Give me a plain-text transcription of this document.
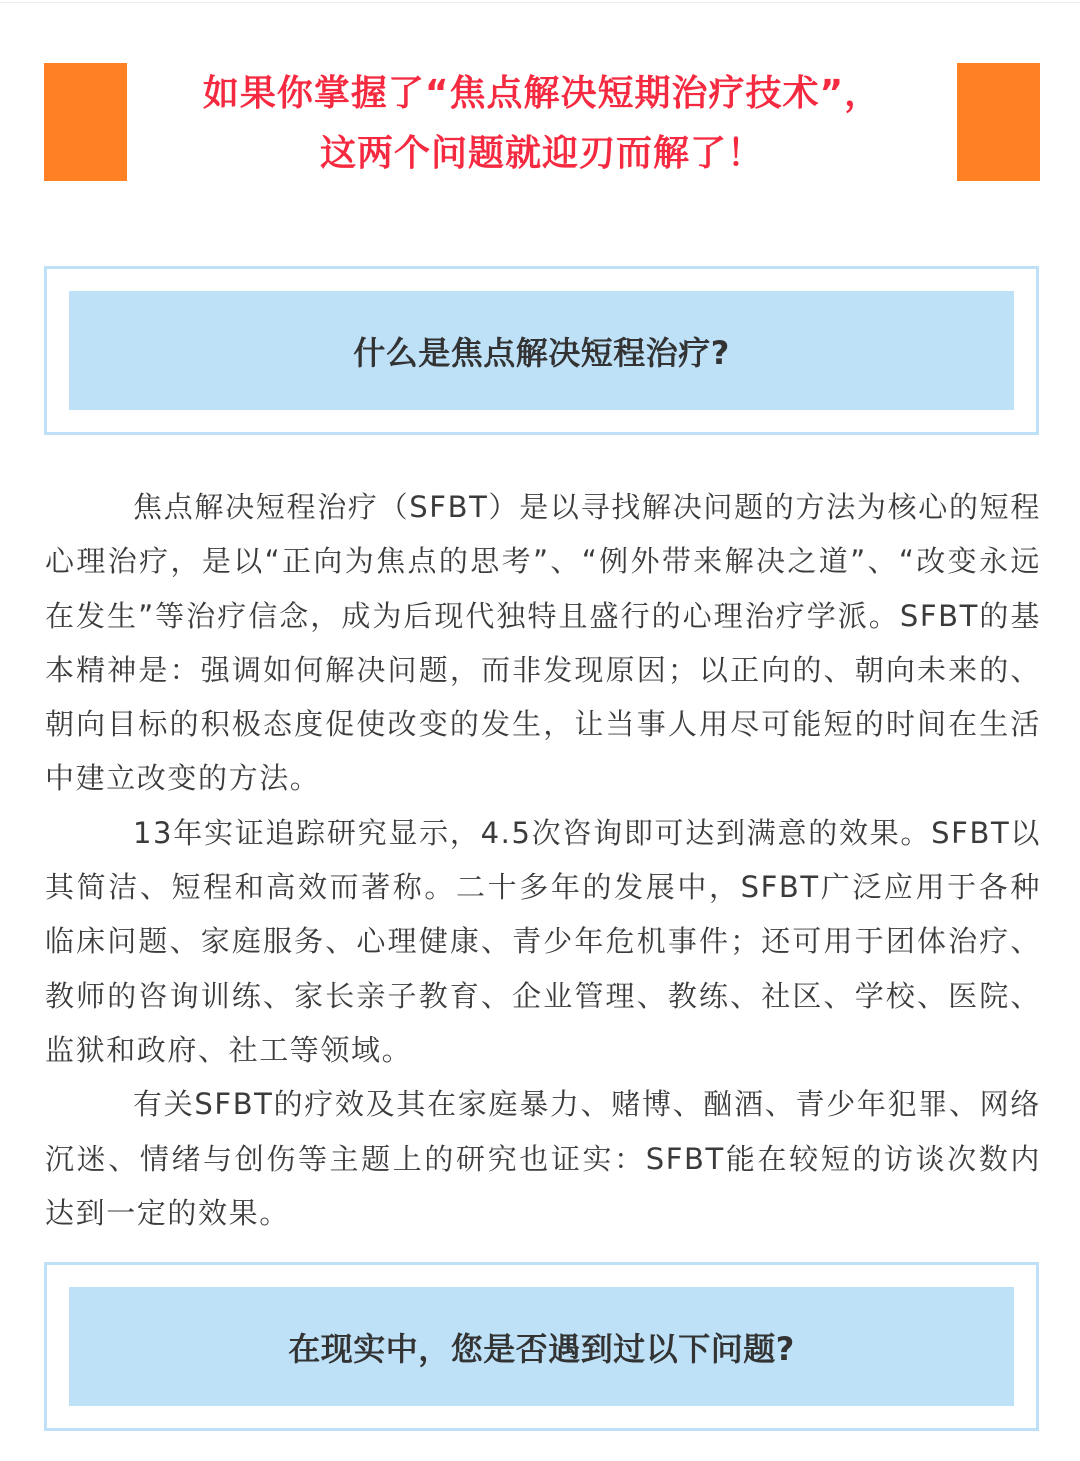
如果你掌握了“焦点解决短期治疗技术”，
这两个问题就迎刃而解了！
什么是焦点解决短程治疗?

焦点解决短程治疗（SFBT）是以寻找解决问题的方法为核心的短程心理治疗，是以“正向为焦点的思考”、“例外带来解决之道”、“改变永远在发生”等治疗信念，成为后现代独特且盛行的心理治疗学派。SFBT的基本精神是：强调如何解决问题，而非发现原因；以正向的、朝向未来的、朝向目标的积极态度促使改变的发生，让当事人用尽可能短的时间在生活中建立改变的方法。

13年实证追踪研究显示，4.5次咨询即可达到满意的效果。SFBT以其简洁、短程和高效而著称。二十多年的发展中，SFBT广泛应用于各种临床问题、家庭服务、心理健康、青少年危机事件；还可用于团体治疗、教师的咨询训练、家长亲子教育、企业管理、教练、社区、学校、医院、监狱和政府、社工等领域。

有关SFBT的疗效及其在家庭暴力、赌博、酗酒、青少年犯罪、网络沉迷、情绪与创伤等主题上的研究也证实：SFBT能在较短的访谈次数内达到一定的效果。

在现实中，您是否遇到过以下问题?
